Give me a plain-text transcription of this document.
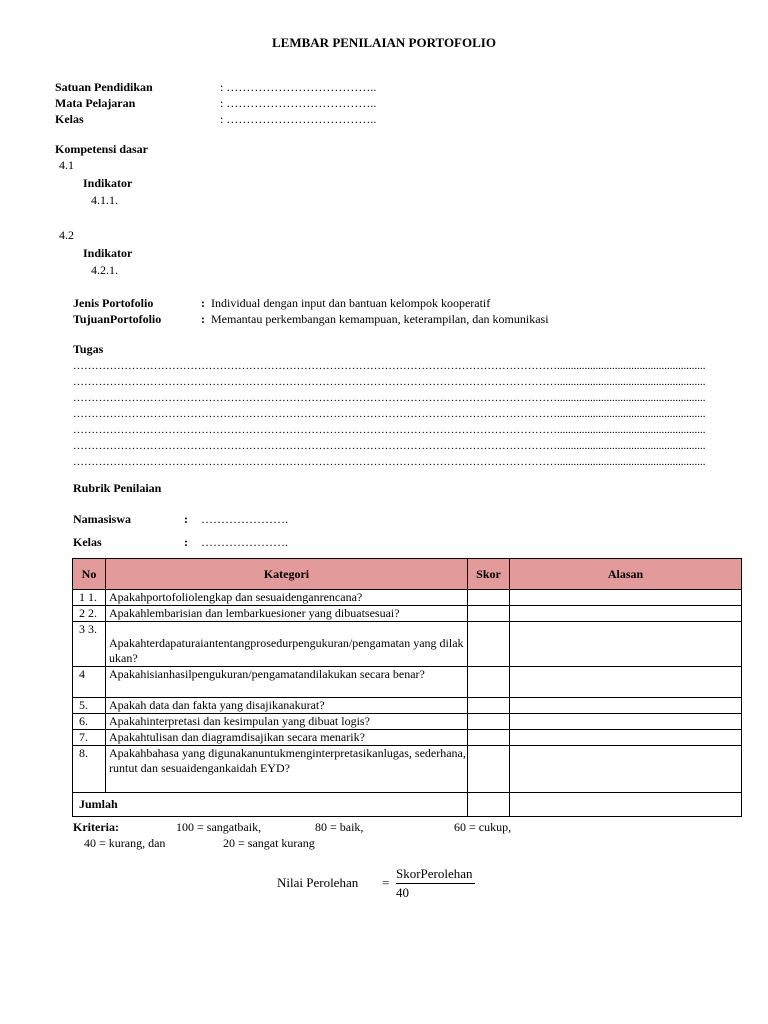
LEMBAR PENILAIAN PORTOFOLIO
Satuan Pendidikan	: ………………………………..
Mata Pelajaran	: ………………………………..
Kelas	: ………………………………..
Kompetensi dasar
4.1
Indikator
4.1.1.
4.2
Indikator
4.2.1.
Jenis Portofolio	: Individual dengan input dan bantuan kelompok kooperatif
TujuanPortofolio	: Memantau perkembangan kemampuan, keterampilan, dan komunikasi
Tugas
……………………………………………………………………………………………………………………......................................................
……………………………………………………………………………………………………………………......................................................
……………………………………………………………………………………………………………………......................................................
……………………………………………………………………………………………………………………......................................................
……………………………………………………………………………………………………………………......................................................
……………………………………………………………………………………………………………………......................................................
……………………………………………………………………………………………………………………......................................................
Rubrik Penilaian
Namasiswa	: ………………….
Kelas	: ………………….
No	Kategori	Skor	Alasan
1 1.	Apakahportofoliolengkap dan sesuaidenganrencana?		
2 2.	Apakahlembarisian dan lembarkuesioner yang dibuatsesuai?		
3 3.	Apakahterdapaturaiantentangprosedurpengukuran/pengamatan yang dilakukan?		
4	Apakahisianhasilpengukuran/pengamatandilakukan secara benar?		
5.	Apakah data dan fakta yang disajikanakurat?		
6.	Apakahinterpretasi dan kesimpulan yang dibuat logis?		
7.	Apakahtulisan dan diagramdisajikan secara menarik?		
8.	Apakahbahasa yang digunakanuntukmenginterpretasikanlugas, sederhana, runtut dan sesuaidengankaidah EYD?		
Jumlah			
Kriteria:	100 = sangatbaik,	80 = baik,	60 = cukup,
40 = kurang, dan	20 = sangat kurang
Nilai Perolehan =
SkorPerolehan
40
